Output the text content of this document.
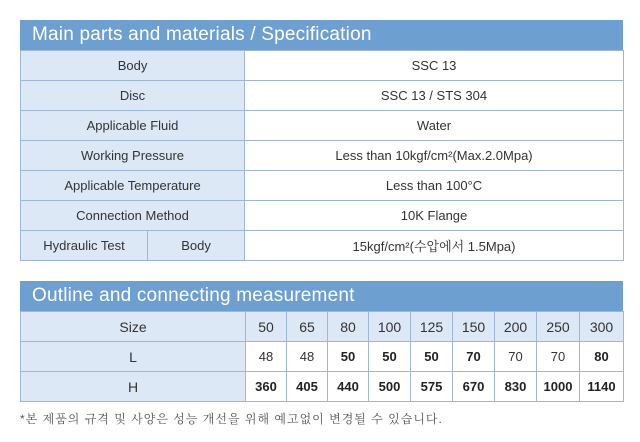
Main parts and materials / Specification
Body		SSC 13
Disc		SSC 13 / STS 304
Applicable Fluid		Water
Working Pressure		Less than 10kgf/cm²(Max.2.0Mpa)
Applicable Temperature		Less than 100°C
Connection Method		10K Flange
Hydraulic Test	Body	15kgf/cm²(수압에서 1.5Mpa)
Outline and connecting measurement
Size	50	65	80	100	125	150	200	250	300
L	48	48	50	50	50	70	70	70	80
H	360	405	440	500	575	670	830	1000	1140
*본 제품의 규격 및 사양은 성능 개선을 위해 예고없이 변경될 수 있습니다.
